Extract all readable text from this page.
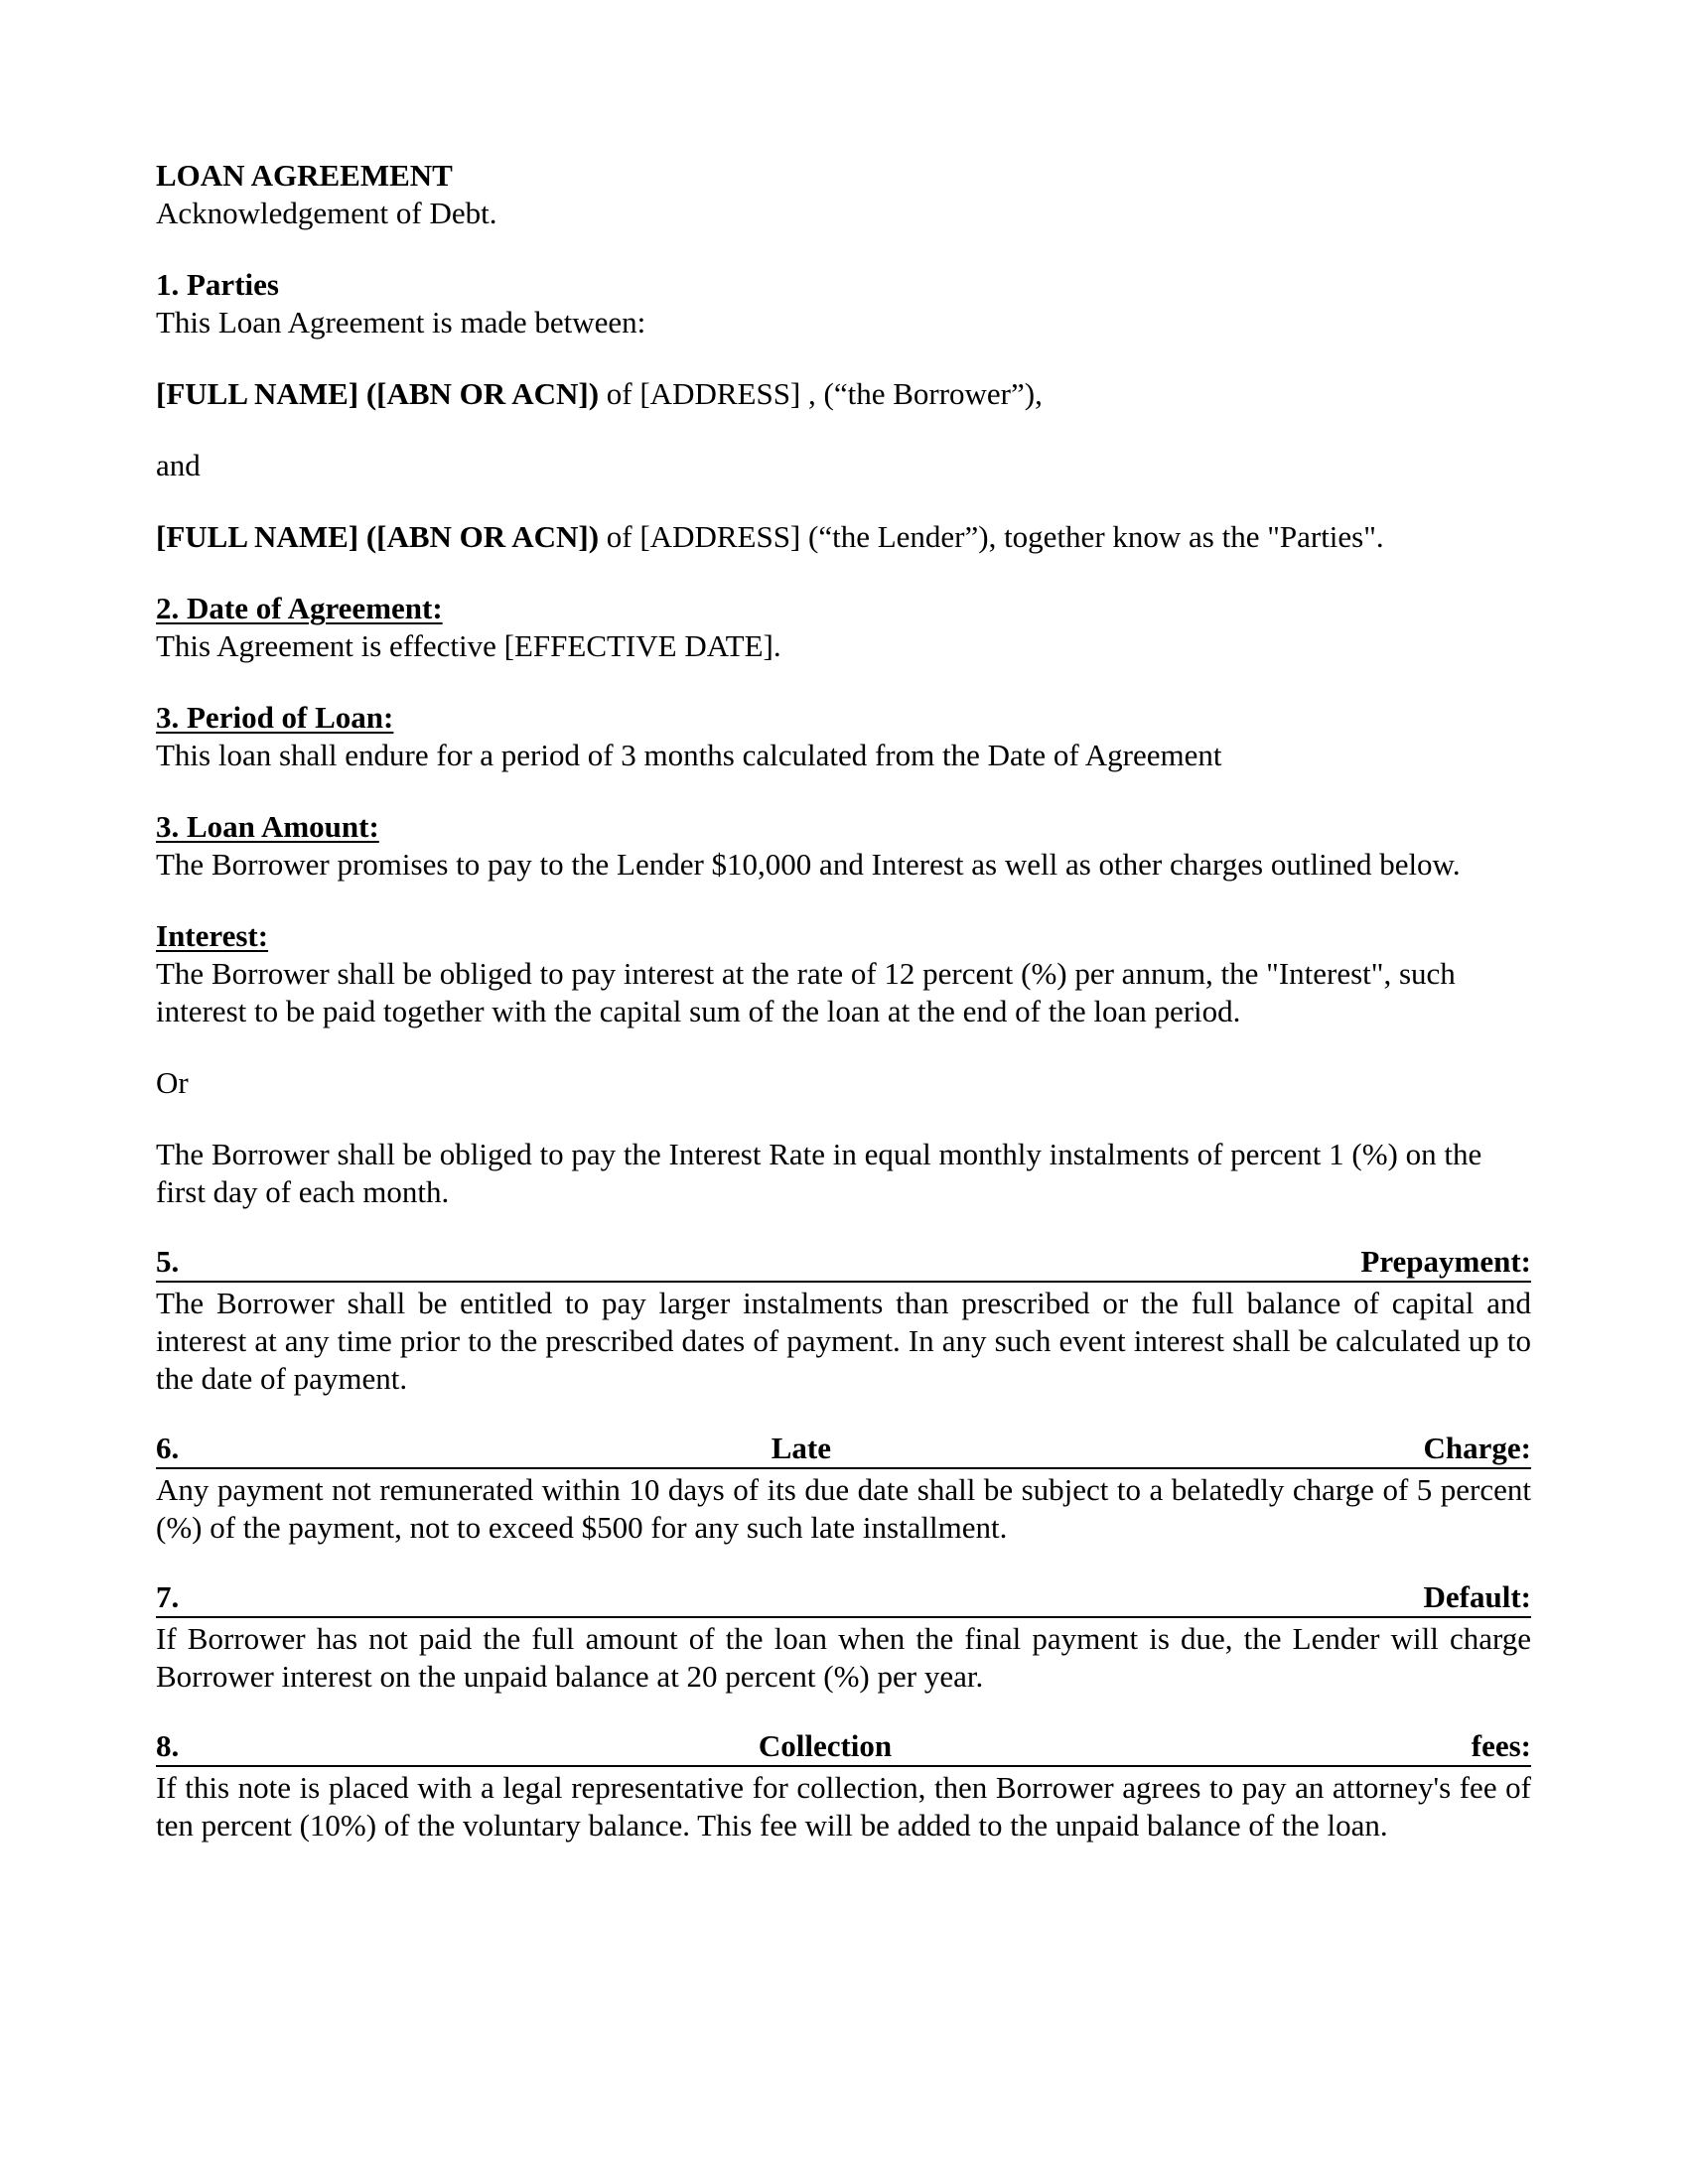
LOAN AGREEMENT
Acknowledgement of Debt.
1. Parties
This Loan Agreement is made between:
[FULL NAME] ([ABN OR ACN]) of [ADDRESS] , (“the Borrower”),
and
[FULL NAME] ([ABN OR ACN]) of [ADDRESS] (“the Lender”), together know as the "Parties".
2. Date of Agreement:
This Agreement is effective [EFFECTIVE DATE].
3. Period of Loan:
This loan shall endure for a period of 3 months calculated from the Date of Agreement
3. Loan Amount:
The Borrower promises to pay to the Lender $10,000 and Interest as well as other charges outlined below.
Interest:
The Borrower shall be obliged to pay interest at the rate of 12 percent (%) per annum, the "Interest", such interest to be paid together with the capital sum of the loan at the end of the loan period.
Or
The Borrower shall be obliged to pay the Interest Rate in equal monthly instalments of percent 1 (%) on the first day of each month.
5.	Prepayment:
The Borrower shall be entitled to pay larger instalments than prescribed or the full balance of capital and interest at any time prior to the prescribed dates of payment. In any such event interest shall be calculated up to the date of payment.
6.	Late	Charge:
Any payment not remunerated within 10 days of its due date shall be subject to a belatedly charge of 5 percent (%) of the payment, not to exceed $500 for any such late installment.
7.	Default:
If Borrower has not paid the full amount of the loan when the final payment is due, the Lender will charge Borrower interest on the unpaid balance at 20 percent (%) per year.
8.	Collection	fees:
If this note is placed with a legal representative for collection, then Borrower agrees to pay an attorney's fee of ten percent (10%) of the voluntary balance. This fee will be added to the unpaid balance of the loan.
